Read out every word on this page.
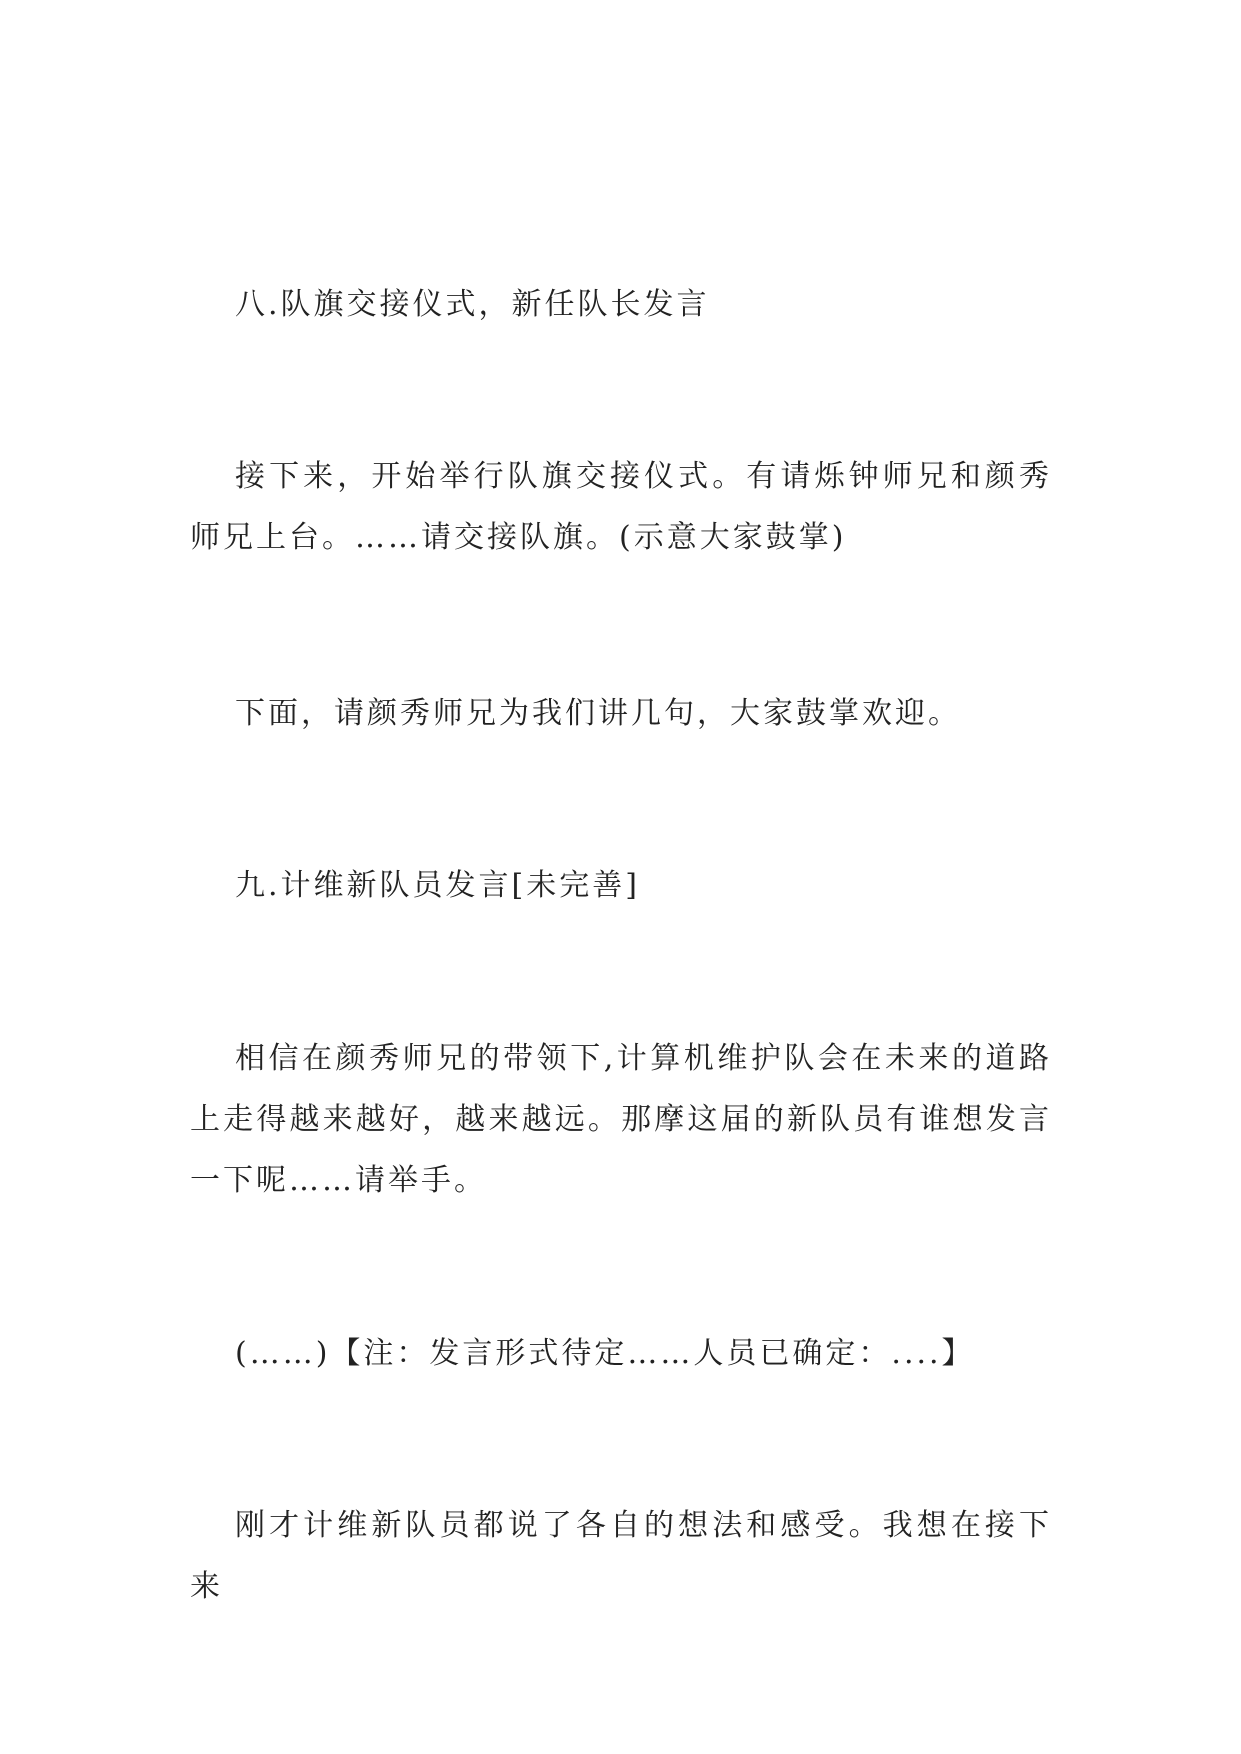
八.队旗交接仪式，新任队长发言

接下来，开始举行队旗交接仪式。有请烁钟师兄和颜秀师兄上台。……请交接队旗。(示意大家鼓掌)

下面，请颜秀师兄为我们讲几句，大家鼓掌欢迎。

九.计维新队员发言[未完善]

相信在颜秀师兄的带领下,计算机维护队会在未来的道路上走得越来越好，越来越远。那摩这届的新队员有谁想发言一下呢……请举手。

(……)【注：发言形式待定……人员已确定：....】

刚才计维新队员都说了各自的想法和感受。我想在接下来
